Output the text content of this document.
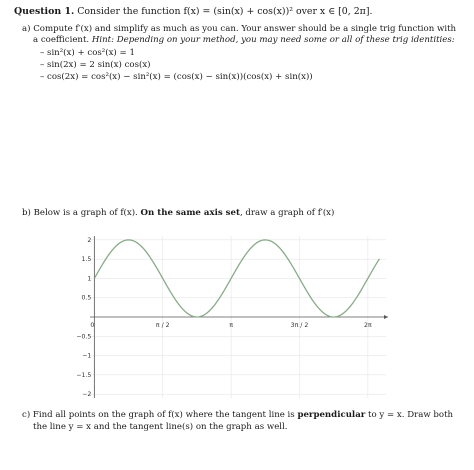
Question 1. Consider the function f(x) = (sin(x) + cos(x))² over x ∈ [0, 2π].
a) Compute f′(x) and simplify as much as you can. Your answer should be a single trig function with
a coefficient. Hint: Depending on your method, you may need some or all of these trig identities:
– sin²(x) + cos²(x) = 1
– sin(2x) = 2 sin(x) cos(x)
– cos(2x) = cos²(x) − sin²(x) = (cos(x) − sin(x))(cos(x) + sin(x))
b) Below is a graph of f(x). On the same axis set, draw a graph of f′(x)
0	π / 2	π	3π / 2	2π
2
1.5
1
0.5
−0.5
−1
−1.5
−2
c) Find all points on the graph of f(x) where the tangent line is perpendicular to y = x. Draw both
the line y = x and the tangent line(s) on the graph as well.
